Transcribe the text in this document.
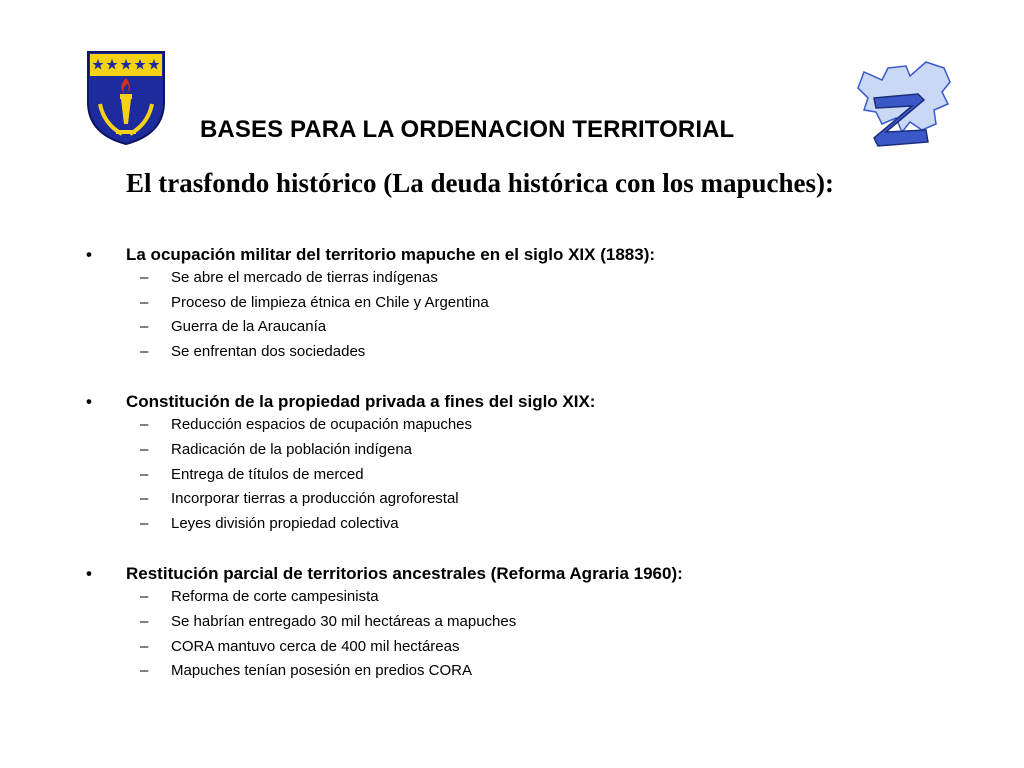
BASES PARA LA ORDENACION TERRITORIAL
El trasfondo histórico (La deuda histórica con los mapuches):
• La ocupación militar del territorio mapuche en el siglo XIX (1883):
– Se abre el mercado de tierras indígenas
– Proceso de limpieza étnica en Chile y Argentina
– Guerra de la Araucanía
– Se enfrentan dos sociedades
• Constitución de la propiedad privada a fines del siglo XIX:
– Reducción espacios de ocupación mapuches
– Radicación de la población indígena
– Entrega de títulos de merced
– Incorporar tierras a producción agroforestal
– Leyes división propiedad colectiva
• Restitución parcial de territorios ancestrales (Reforma Agraria 1960):
– Reforma de corte campesinista
– Se habrían entregado 30 mil hectáreas a mapuches
– CORA mantuvo cerca de 400 mil hectáreas
– Mapuches tenían posesión en predios CORA
